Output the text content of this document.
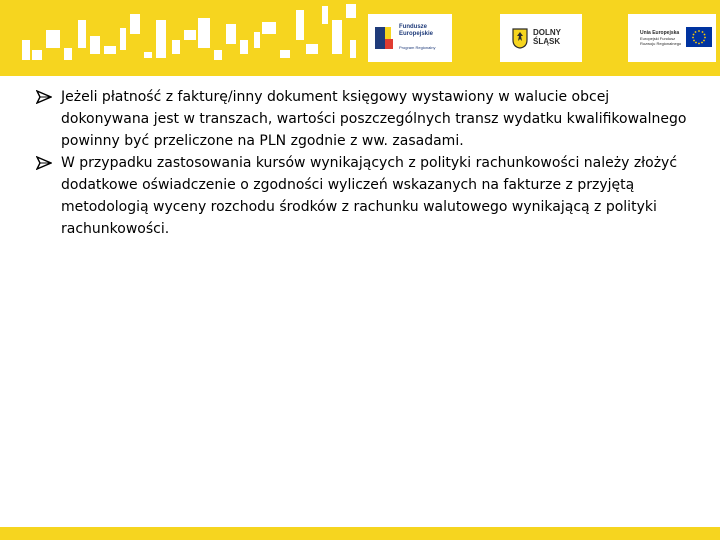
Fundusze
Europejskie
Program Regionalny
DOLNY
ŚLĄSK
Unia Europejska
Europejski Fundusz
Rozwoju Regionalnego
Jeżeli płatność z fakturę/inny dokument księgowy wystawiony w walucie obcej dokonywana jest w transzach, wartości poszczególnych transz wydatku kwalifikowalnego powinny być przeliczone na PLN zgodnie z ww. zasadami.
W przypadku zastosowania kursów wynikających z polityki rachunkowości należy złożyć dodatkowe oświadczenie o zgodności wyliczeń wskazanych na fakturze z przyjętą metodologią wyceny rozchodu środków z rachunku walutowego wynikającą z polityki rachunkowości.
